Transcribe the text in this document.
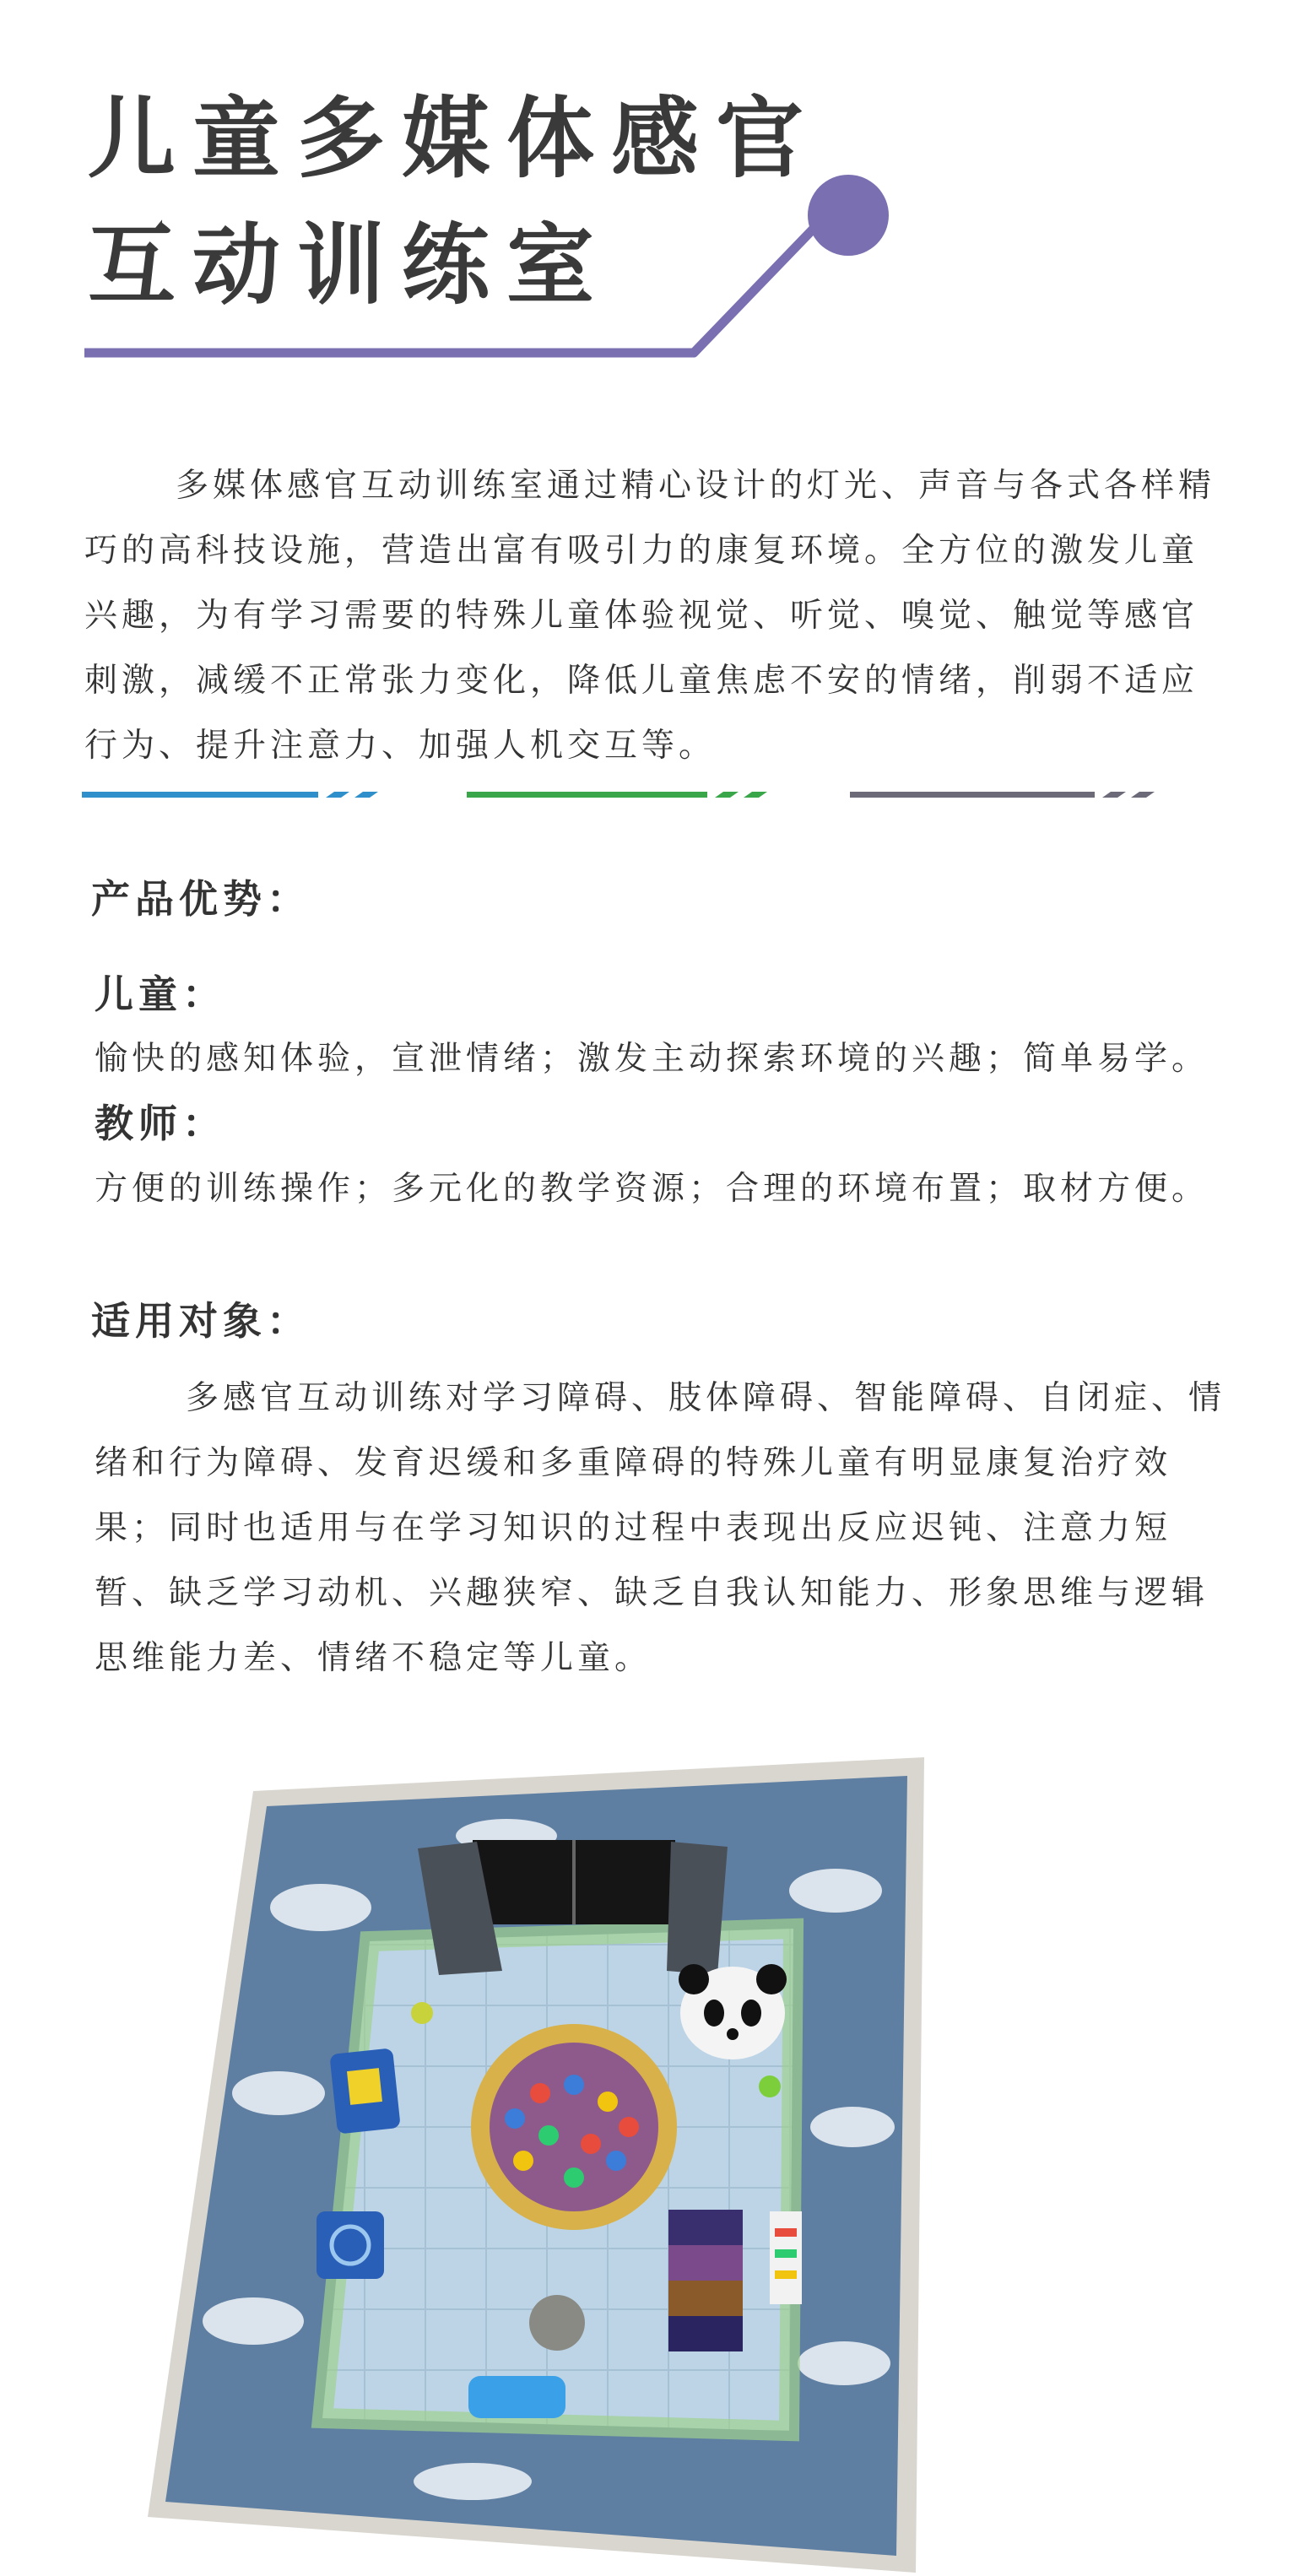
儿童多媒体感官
互动训练室

多媒体感官互动训练室通过精心设计的灯光、声音与各式各样精巧的高科技设施，营造出富有吸引力的康复环境。全方位的激发儿童兴趣，为有学习需要的特殊儿童体验视觉、听觉、嗅觉、触觉等感官刺激，减缓不正常张力变化，降低儿童焦虑不安的情绪，削弱不适应行为、提升注意力、加强人机交互等。

产品优势：
儿童：
愉快的感知体验，宣泄情绪；激发主动探索环境的兴趣；简单易学。
教师：
方便的训练操作；多元化的教学资源；合理的环境布置；取材方便。
适用对象：

多感官互动训练对学习障碍、肢体障碍、智能障碍、自闭症、情绪和行为障碍、发育迟缓和多重障碍的特殊儿童有明显康复治疗效果；同时也适用与在学习知识的过程中表现出反应迟钝、注意力短暂、缺乏学习动机、兴趣狭窄、缺乏自我认知能力、形象思维与逻辑思维能力差、情绪不稳定等儿童。
